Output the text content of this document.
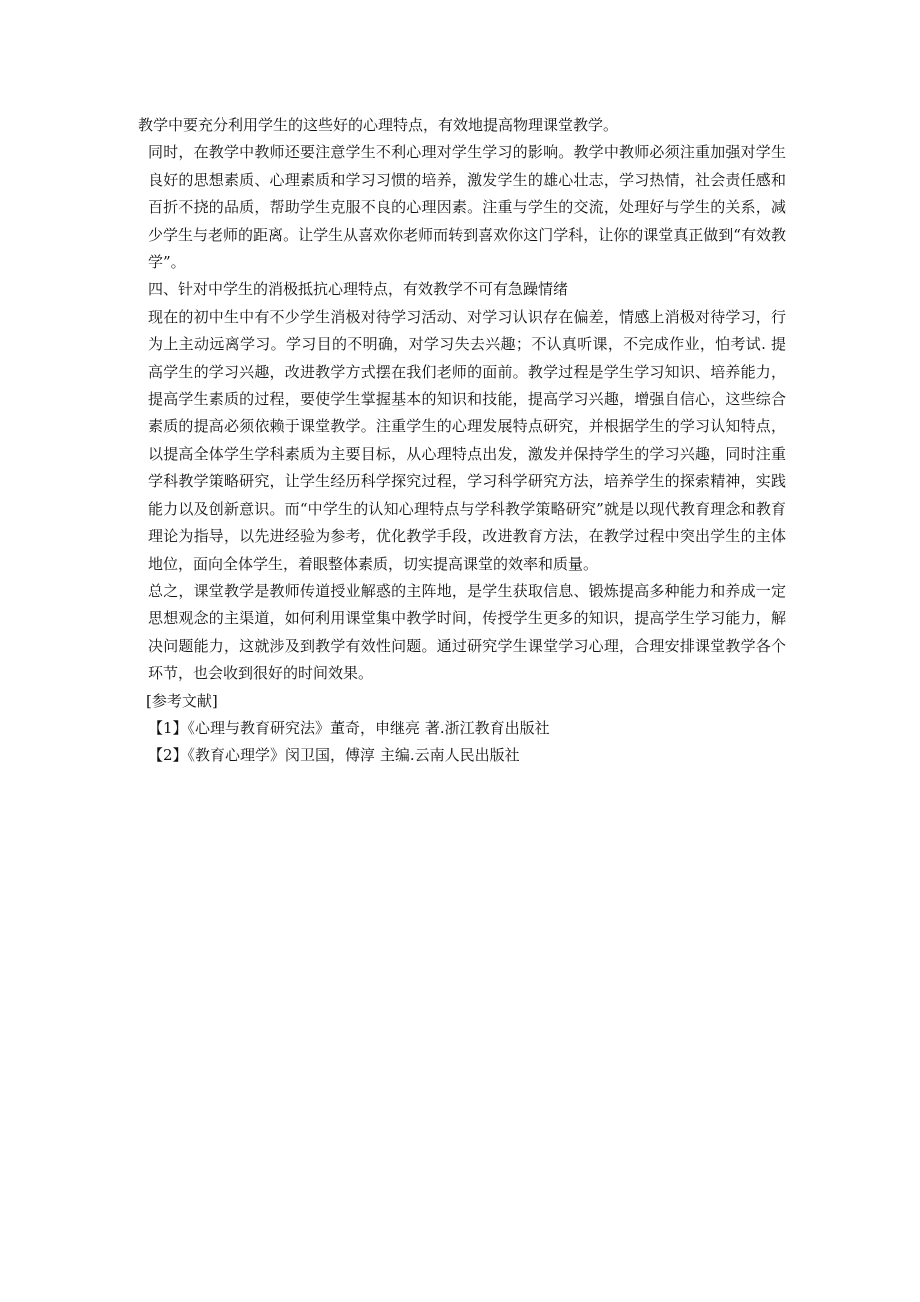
教学中要充分利用学生的这些好的心理特点，有效地提高物理课堂教学。

同时，在教学中教师还要注意学生不利心理对学生学习的影响。教学中教师必须注重加强对学生良好的思想素质、心理素质和学习习惯的培养，激发学生的雄心壮志，学习热情，社会责任感和百折不挠的品质，帮助学生克服不良的心理因素。注重与学生的交流，处理好与学生的关系，减少学生与老师的距离。让学生从喜欢你老师而转到喜欢你这门学科，让你的课堂真正做到“有效教学”。

四、针对中学生的消极抵抗心理特点，有效教学不可有急躁情绪

现在的初中生中有不少学生消极对待学习活动、对学习认识存在偏差，情感上消极对待学习，行为上主动远离学习。学习目的不明确，对学习失去兴趣；不认真听课，不完成作业，怕考试. 提高学生的学习兴趣，改进教学方式摆在我们老师的面前。教学过程是学生学习知识、培养能力，提高学生素质的过程，要使学生掌握基本的知识和技能，提高学习兴趣，增强自信心，这些综合素质的提高必须依赖于课堂教学。注重学生的心理发展特点研究，并根据学生的学习认知特点，以提高全体学生学科素质为主要目标，从心理特点出发，激发并保持学生的学习兴趣，同时注重学科教学策略研究，让学生经历科学探究过程，学习科学研究方法，培养学生的探索精神，实践能力以及创新意识。而“中学生的认知心理特点与学科教学策略研究”就是以现代教育理念和教育理论为指导，以先进经验为参考，优化教学手段，改进教育方法，在教学过程中突出学生的主体地位，面向全体学生，着眼整体素质，切实提高课堂的效率和质量。

总之，课堂教学是教师传道授业解惑的主阵地，是学生获取信息、锻炼提高多种能力和养成一定思想观念的主渠道，如何利用课堂集中教学时间，传授学生更多的知识，提高学生学习能力，解决问题能力，这就涉及到教学有效性问题。通过研究学生课堂学习心理，合理安排课堂教学各个环节，也会收到很好的时间效果。

[参考文献]

【1】《心理与教育研究法》董奇，申继亮 著.浙江教育出版社

【2】《教育心理学》闵卫国，傅淳 主编.云南人民出版社
